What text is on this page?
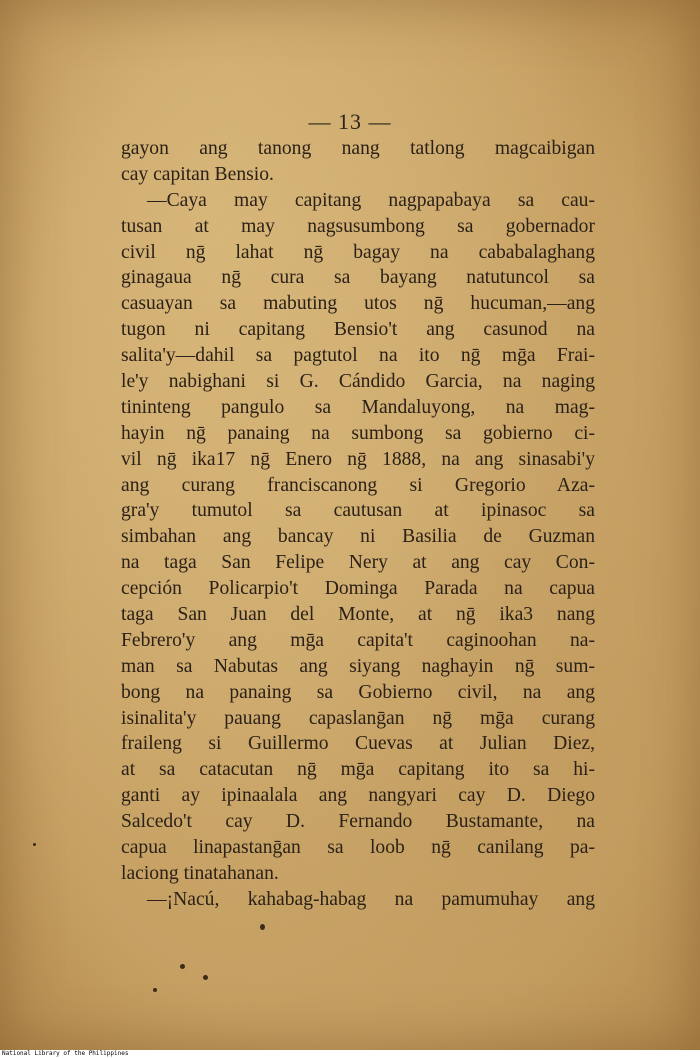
— 13 —
gayon ang tanong nang tatlong magcaibigan
cay capitan Bensio.
—Caya may capitang nagpapabaya sa cau-
tusan at may nagsusumbong sa gobernador
civil nḡ lahat nḡ bagay na cababalaghang
ginagaua nḡ cura sa bayang natutuncol sa
casuayan sa mabuting utos nḡ hucuman,—ang
tugon ni capitang Bensio't ang casunod na
salita'y—dahil sa pagtutol na ito nḡ mḡa Frai-
le'y nabighani si G. Cándido Garcia, na naging
tininteng pangulo sa Mandaluyong, na mag-
hayin nḡ panaing na sumbong sa gobierno ci-
vil nḡ ika17 nḡ Enero nḡ 1888, na ang sinasabi'y
ang curang franciscanong si Gregorio Aza-
gra'y tumutol sa cautusan at ipinasoc sa
simbahan ang bancay ni Basilia de Guzman
na taga San Felipe Nery at ang cay Con-
cepción Policarpio't Dominga Parada na capua
taga San Juan del Monte, at nḡ ika3 nang
Febrero'y ang mḡa capita't caginoohan na-
man sa Nabutas ang siyang naghayin nḡ sum-
bong na panaing sa Gobierno civil, na ang
isinalita'y pauang capaslanḡan nḡ mḡa curang
fraileng si Guillermo Cuevas at Julian Diez,
at sa catacutan nḡ mḡa capitang ito sa hi-
ganti ay ipinaalala ang nangyari cay D. Diego
Salcedo't cay D. Fernando Bustamante, na
capua linapastanḡan sa loob nḡ canilang pa-
laciong tinatahanan.
—¡Nacú, kahabag-habag na pamumuhay ang
National Library of the Philippines
